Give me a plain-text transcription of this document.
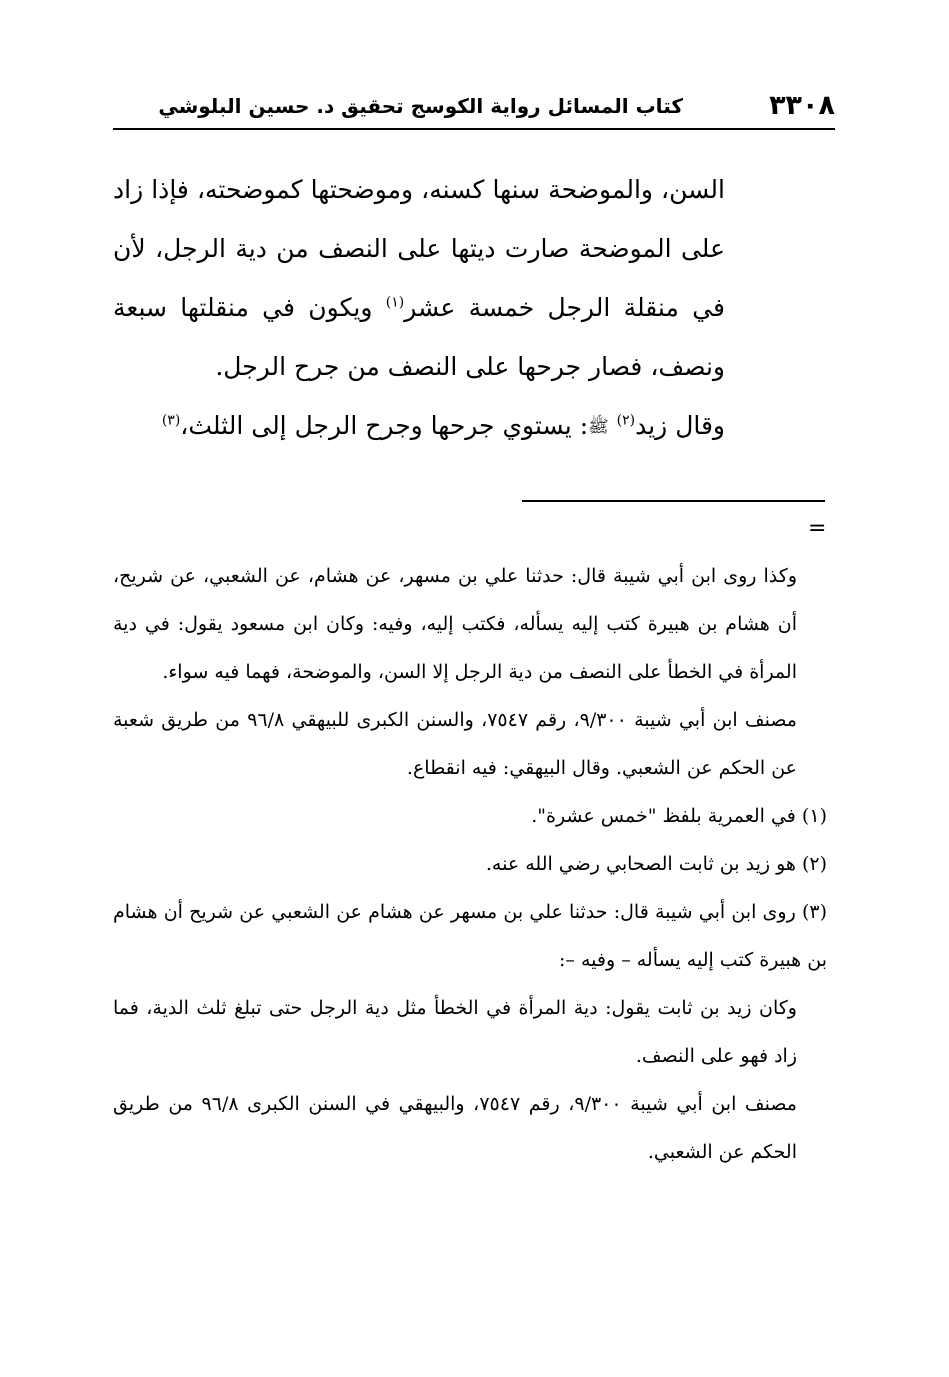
٣٣٠٨
كتاب المسائل رواية الكوسج تحقيق د. حسين البلوشي

السن، والموضحة سنها كسنه، وموضحتها كموضحته، فإذا زاد على الموضحة صارت ديتها على النصف من دية الرجل، لأن في منقلة الرجل خمسة عشر$^{(١)}$ ويكون في منقلتها سبعة ونصف، فصار جرحها على النصف من جرح الرجل.

وقال زيد$^{(٢)}$ ﷺ: يستوي جرحها وجرح الرجل إلى الثلث،$^{(٣)}$

=

وكذا روى ابن أبي شيبة قال: حدثنا علي بن مسهر، عن هشام، عن الشعبي، عن شريح، أن هشام بن هبيرة كتب إليه يسأله، فكتب إليه، وفيه: وكان ابن مسعود يقول: في دية المرأة في الخطأ على النصف من دية الرجل إلا السن، والموضحة، فهما فيه سواء.

مصنف ابن أبي شيبة ٩/٣٠٠، رقم ٧٥٤٧، والسنن الكبرى للبيهقي ٩٦/٨ من طريق شعبة عن الحكم عن الشعبي. وقال البيهقي: فيه انقطاع.

(١) في العمرية بلفظ "خمس عشرة".

(٢) هو زيد بن ثابت الصحابي رضي الله عنه.

(٣) روى ابن أبي شيبة قال: حدثنا علي بن مسهر عن هشام عن الشعبي عن شريح أن هشام بن هبيرة كتب إليه يسأله – وفيه –:

وكان زيد بن ثابت يقول: دية المرأة في الخطأ مثل دية الرجل حتى تبلغ ثلث الدية، فما زاد فهو على النصف.

مصنف ابن أبي شيبة ٩/٣٠٠، رقم ٧٥٤٧، والبيهقي في السنن الكبرى ٩٦/٨ من طريق الحكم عن الشعبي.
